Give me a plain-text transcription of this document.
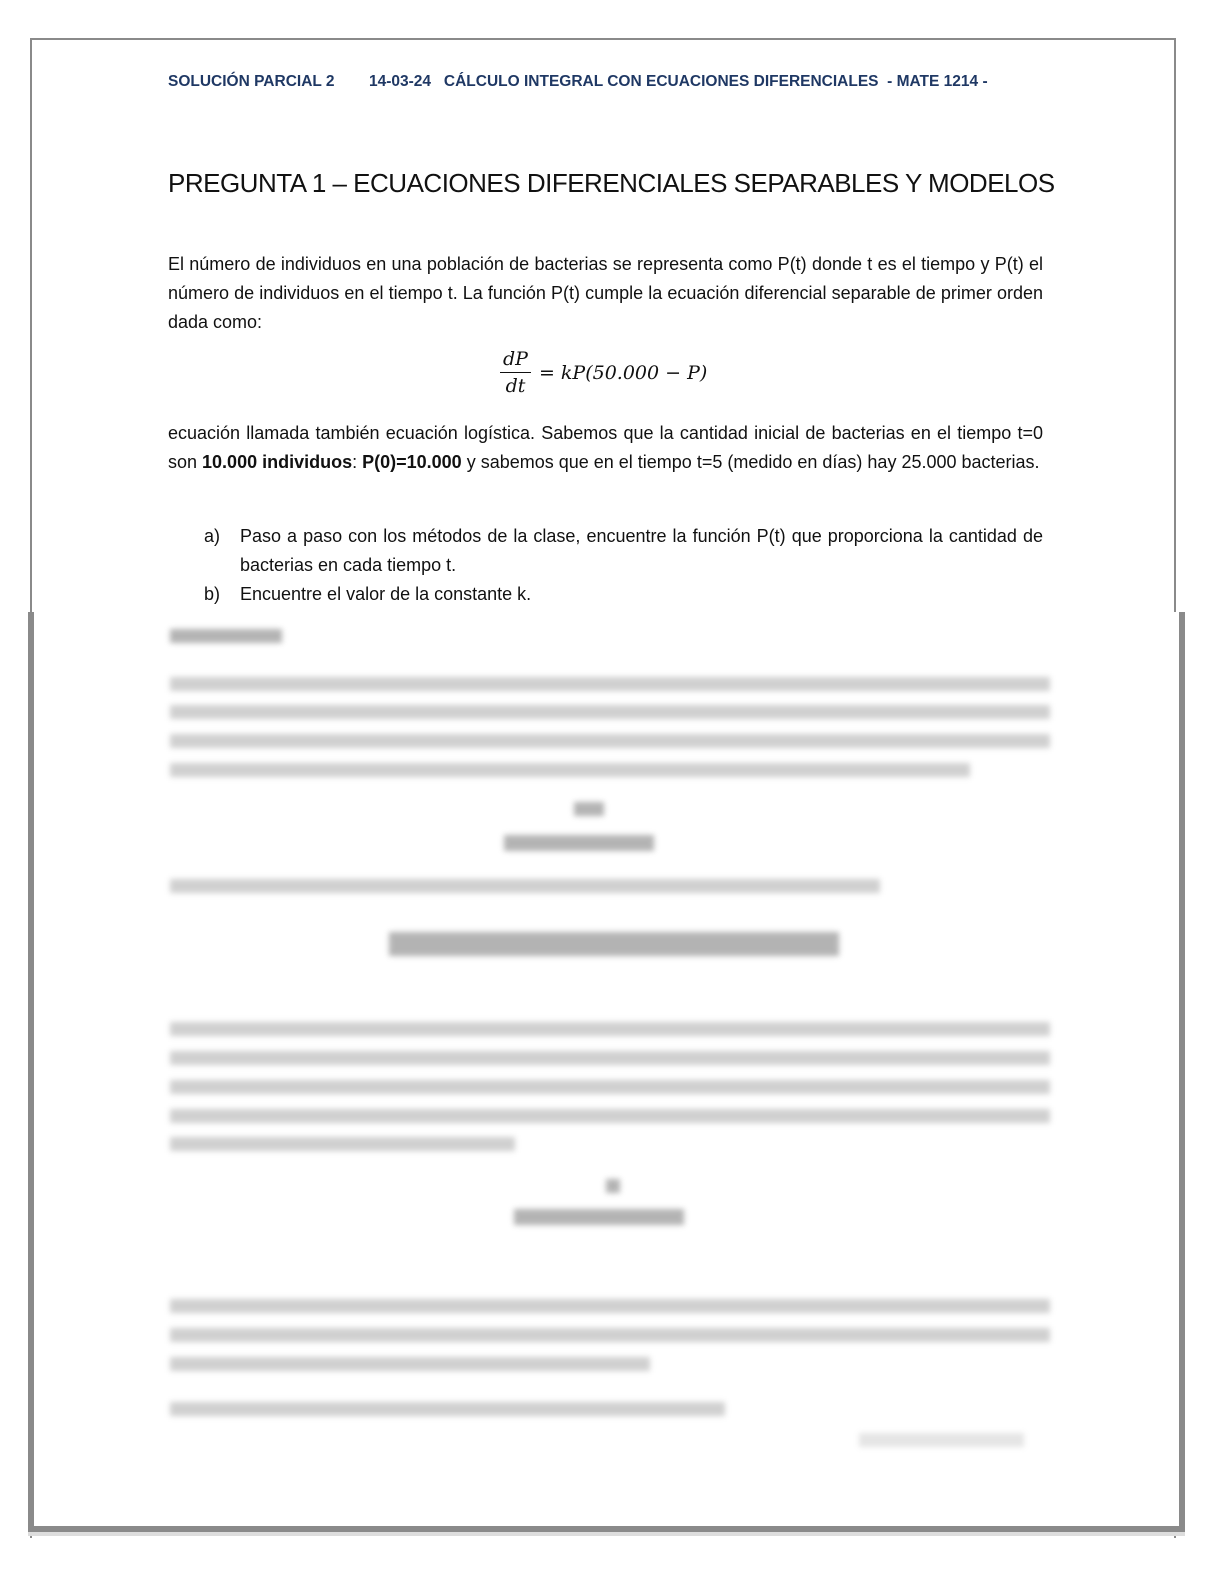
SOLUCIÓN PARCIAL 2        14-03-24   CÁLCULO INTEGRAL CON ECUACIONES DIFERENCIALES  - MATE 1214 -
PREGUNTA 1 – ECUACIONES DIFERENCIALES SEPARABLES Y MODELOS
El número de individuos en una población de bacterias se representa como P(t) donde t es el tiempo y P(t) el número de individuos en el tiempo t. La función P(t) cumple la ecuación diferencial separable de primer orden dada como:
$\frac{dP}{dt} = kP(50.000 - P)$
ecuación llamada también ecuación logística. Sabemos que la cantidad inicial de bacterias en el tiempo t=0 son 10.000 individuos: P(0)=10.000 y sabemos que en el tiempo t=5 (medido en días) hay 25.000 bacterias.
a)	Paso a paso con los métodos de la clase, encuentre la función P(t) que proporciona la cantidad de bacterias en cada tiempo t.
b)	Encuentre el valor de la constante k.
